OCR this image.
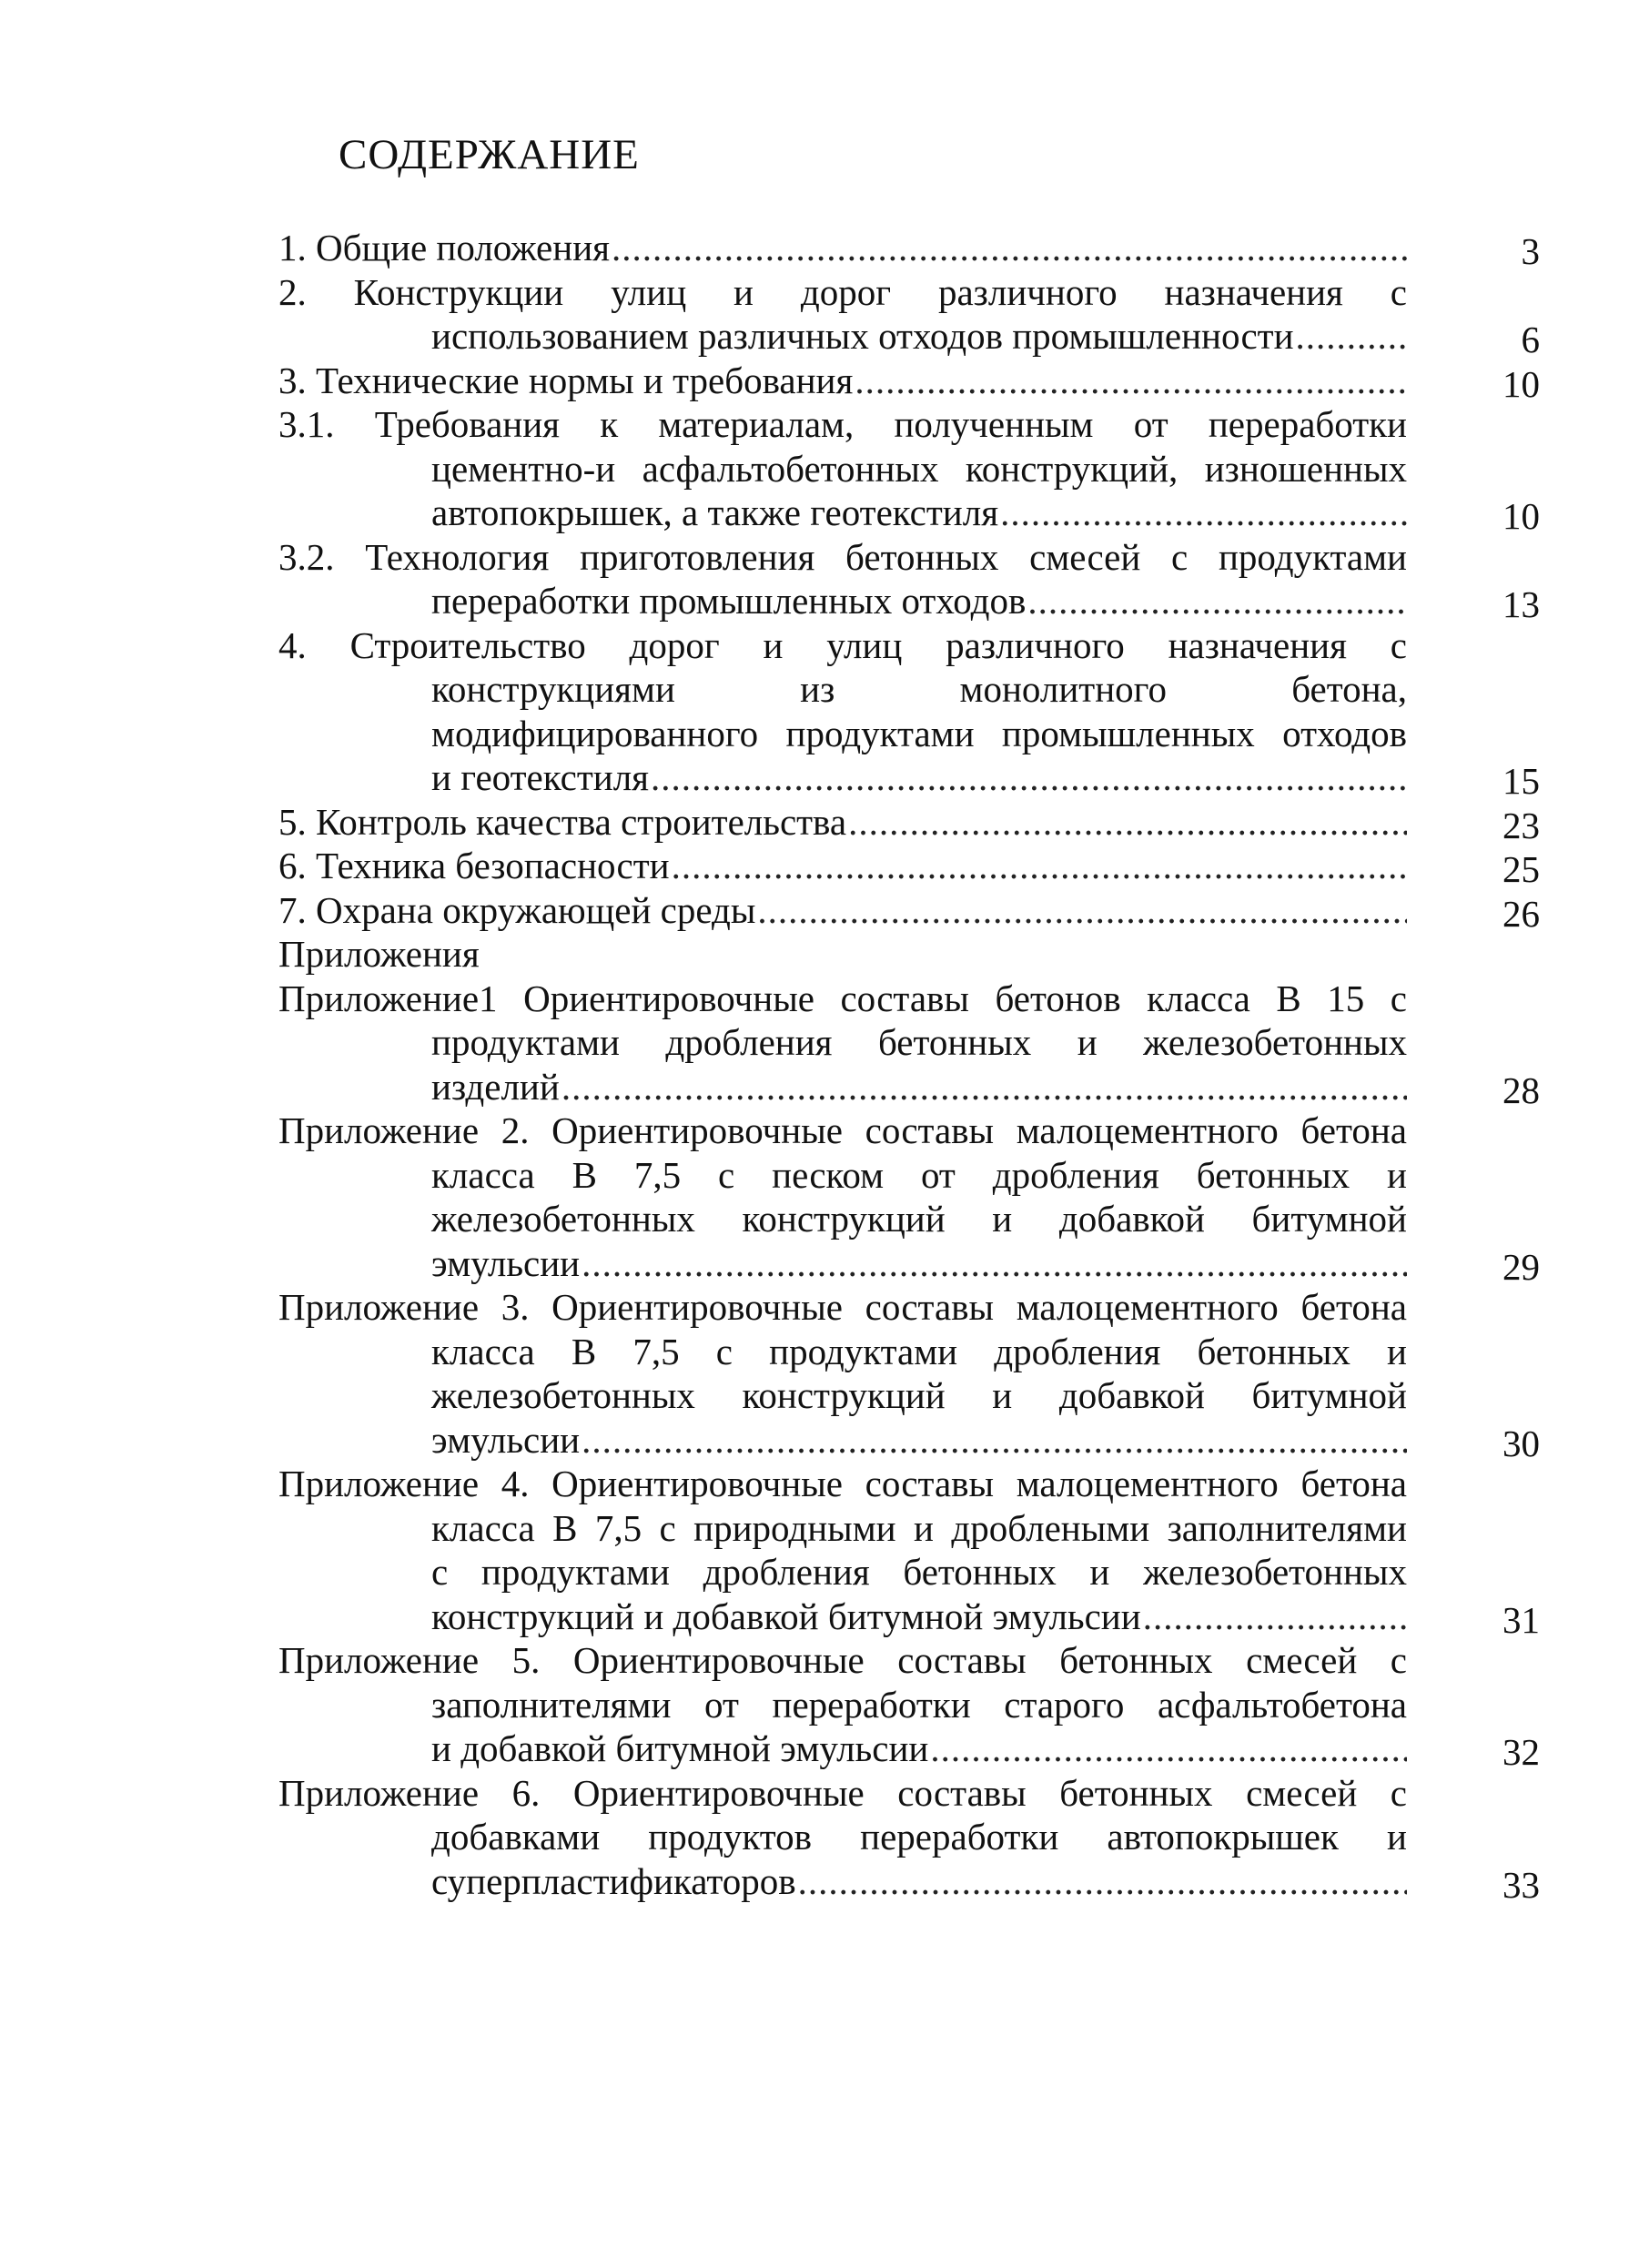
СОДЕРЖАНИЕ
1. Общие положения .....	3
2. Конструкции улиц и дорог различного назначения с
использованием различных отходов промышленности .....	6
3. Технические нормы и требования .....	10
3.1. Требования к материалам, полученным от переработки
цементно-и асфальтобетонных конструкций, изношенных
автопокрышек, а также геотекстиля .....	10
3.2. Технология приготовления бетонных смесей с продуктами
переработки промышленных отходов .....	13
4. Строительство дорог и улиц различного назначения с
конструкциями из монолитного бетона,
модифицированного продуктами промышленных отходов
и геотекстиля .....	15
5. Контроль качества строительства .....	23
6. Техника безопасности .....	25
7. Охрана окружающей среды .....	26
Приложения
Приложение1 Ориентировочные составы бетонов класса В 15 с
продуктами дробления бетонных и железобетонных
изделий .....	28
Приложение 2. Ориентировочные составы малоцементного бетона
класса В 7,5 с песком от дробления бетонных и
железобетонных конструкций и добавкой битумной
эмульсии .....	29
Приложение 3. Ориентировочные составы малоцементного бетона
класса В 7,5 с продуктами дробления бетонных и
железобетонных конструкций и добавкой битумной
эмульсии .....	30
Приложение 4. Ориентировочные составы малоцементного бетона
класса В 7,5 с природными и дроблеными заполнителями
с продуктами дробления бетонных и железобетонных
конструкций и добавкой битумной эмульсии .....	31
Приложение 5. Ориентировочные составы бетонных смесей с
заполнителями от переработки старого асфальтобетона
и добавкой битумной эмульсии .....	32
Приложение 6. Ориентировочные составы бетонных смесей с
добавками продуктов переработки автопокрышек и
суперпластификаторов .....	33
